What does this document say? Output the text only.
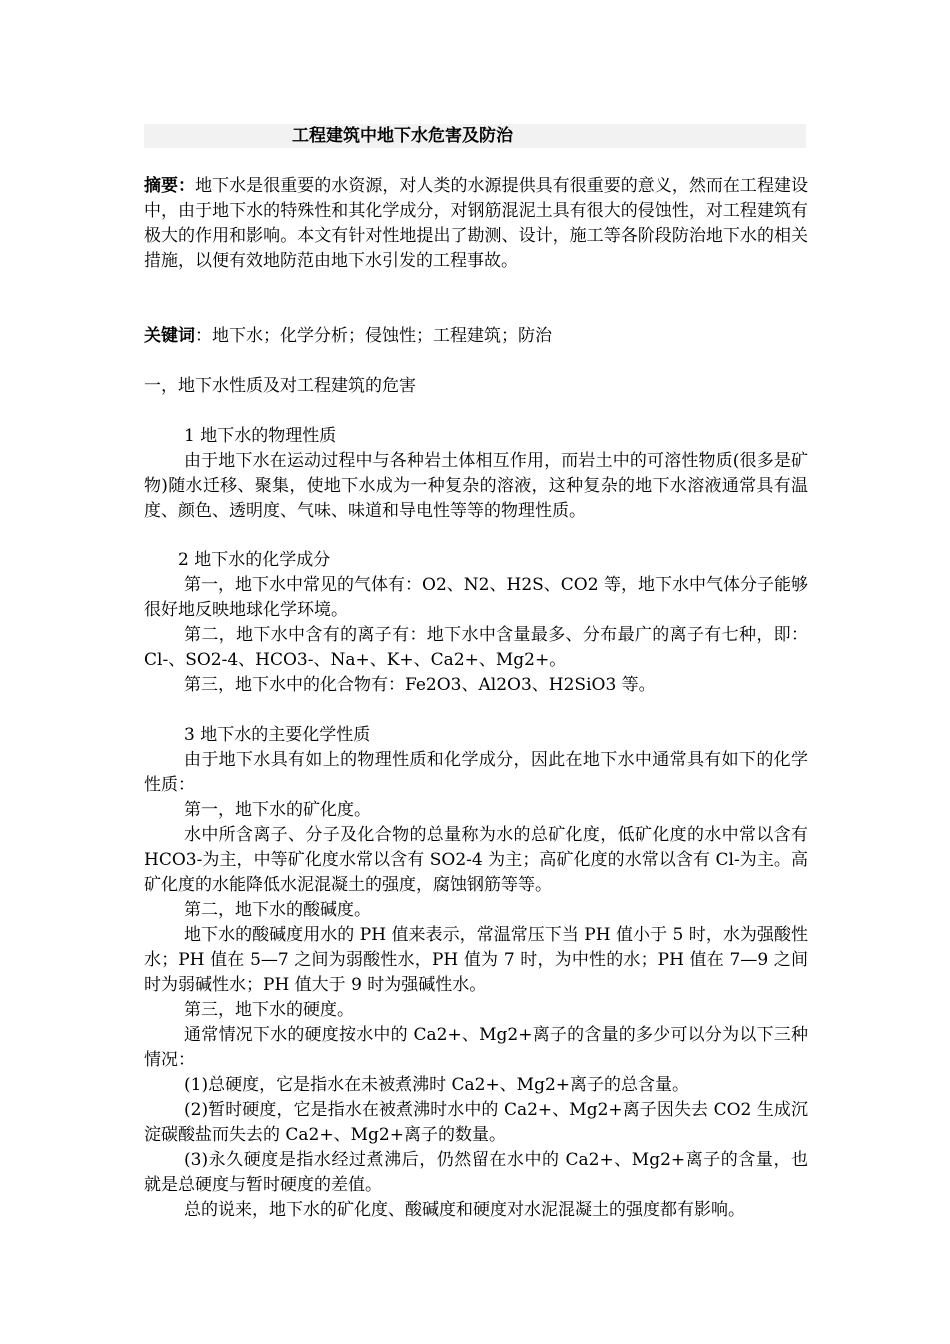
工程建筑中地下水危害及防治

摘要：地下水是很重要的水资源，对人类的水源提供具有很重要的意义，然而在工程建设中，由于地下水的特殊性和其化学成分，对钢筋混泥土具有很大的侵蚀性，对工程建筑有极大的作用和影响。本文有针对性地提出了勘测、设计，施工等各阶段防治地下水的相关措施，以便有效地防范由地下水引发的工程事故。

关键词：地下水；化学分析；侵蚀性；工程建筑；防治

一，地下水性质及对工程建筑的危害

1 地下水的物理性质

由于地下水在运动过程中与各种岩土体相互作用，而岩土中的可溶性物质(很多是矿物)随水迁移、聚集，使地下水成为一种复杂的溶液，这种复杂的地下水溶液通常具有温度、颜色、透明度、气味、味道和导电性等等的物理性质。

2 地下水的化学成分

第一，地下水中常见的气体有：O2、N2、H2S、CO2 等，地下水中气体分子能够很好地反映地球化学环境。

第二，地下水中含有的离子有：地下水中含量最多、分布最广的离子有七种，即：Cl-、SO2-4、HCO3-、Na+、K+、Ca2+、Mg2+。

第三，地下水中的化合物有：Fe2O3、Al2O3、H2SiO3 等。

3 地下水的主要化学性质

由于地下水具有如上的物理性质和化学成分，因此在地下水中通常具有如下的化学性质：

第一，地下水的矿化度。

水中所含离子、分子及化合物的总量称为水的总矿化度，低矿化度的水中常以含有 HCO3-为主，中等矿化度水常以含有 SO2-4 为主；高矿化度的水常以含有 Cl-为主。高矿化度的水能降低水泥混凝土的强度，腐蚀钢筋等等。

第二，地下水的酸碱度。

地下水的酸碱度用水的 PH 值来表示，常温常压下当 PH 值小于 5 时，水为强酸性水；PH 值在 5—7 之间为弱酸性水，PH 值为 7 时，为中性的水；PH 值在 7—9 之间时为弱碱性水；PH 值大于 9 时为强碱性水。

第三，地下水的硬度。

通常情况下水的硬度按水中的 Ca2+、Mg2+离子的含量的多少可以分为以下三种情况：

(1)总硬度，它是指水在未被煮沸时 Ca2+、Mg2+离子的总含量。

(2)暂时硬度，它是指水在被煮沸时水中的 Ca2+、Mg2+离子因失去 CO2 生成沉淀碳酸盐而失去的 Ca2+、Mg2+离子的数量。

(3)永久硬度是指水经过煮沸后，仍然留在水中的 Ca2+、Mg2+离子的含量，也就是总硬度与暂时硬度的差值。

总的说来，地下水的矿化度、酸碱度和硬度对水泥混凝土的强度都有影响。
